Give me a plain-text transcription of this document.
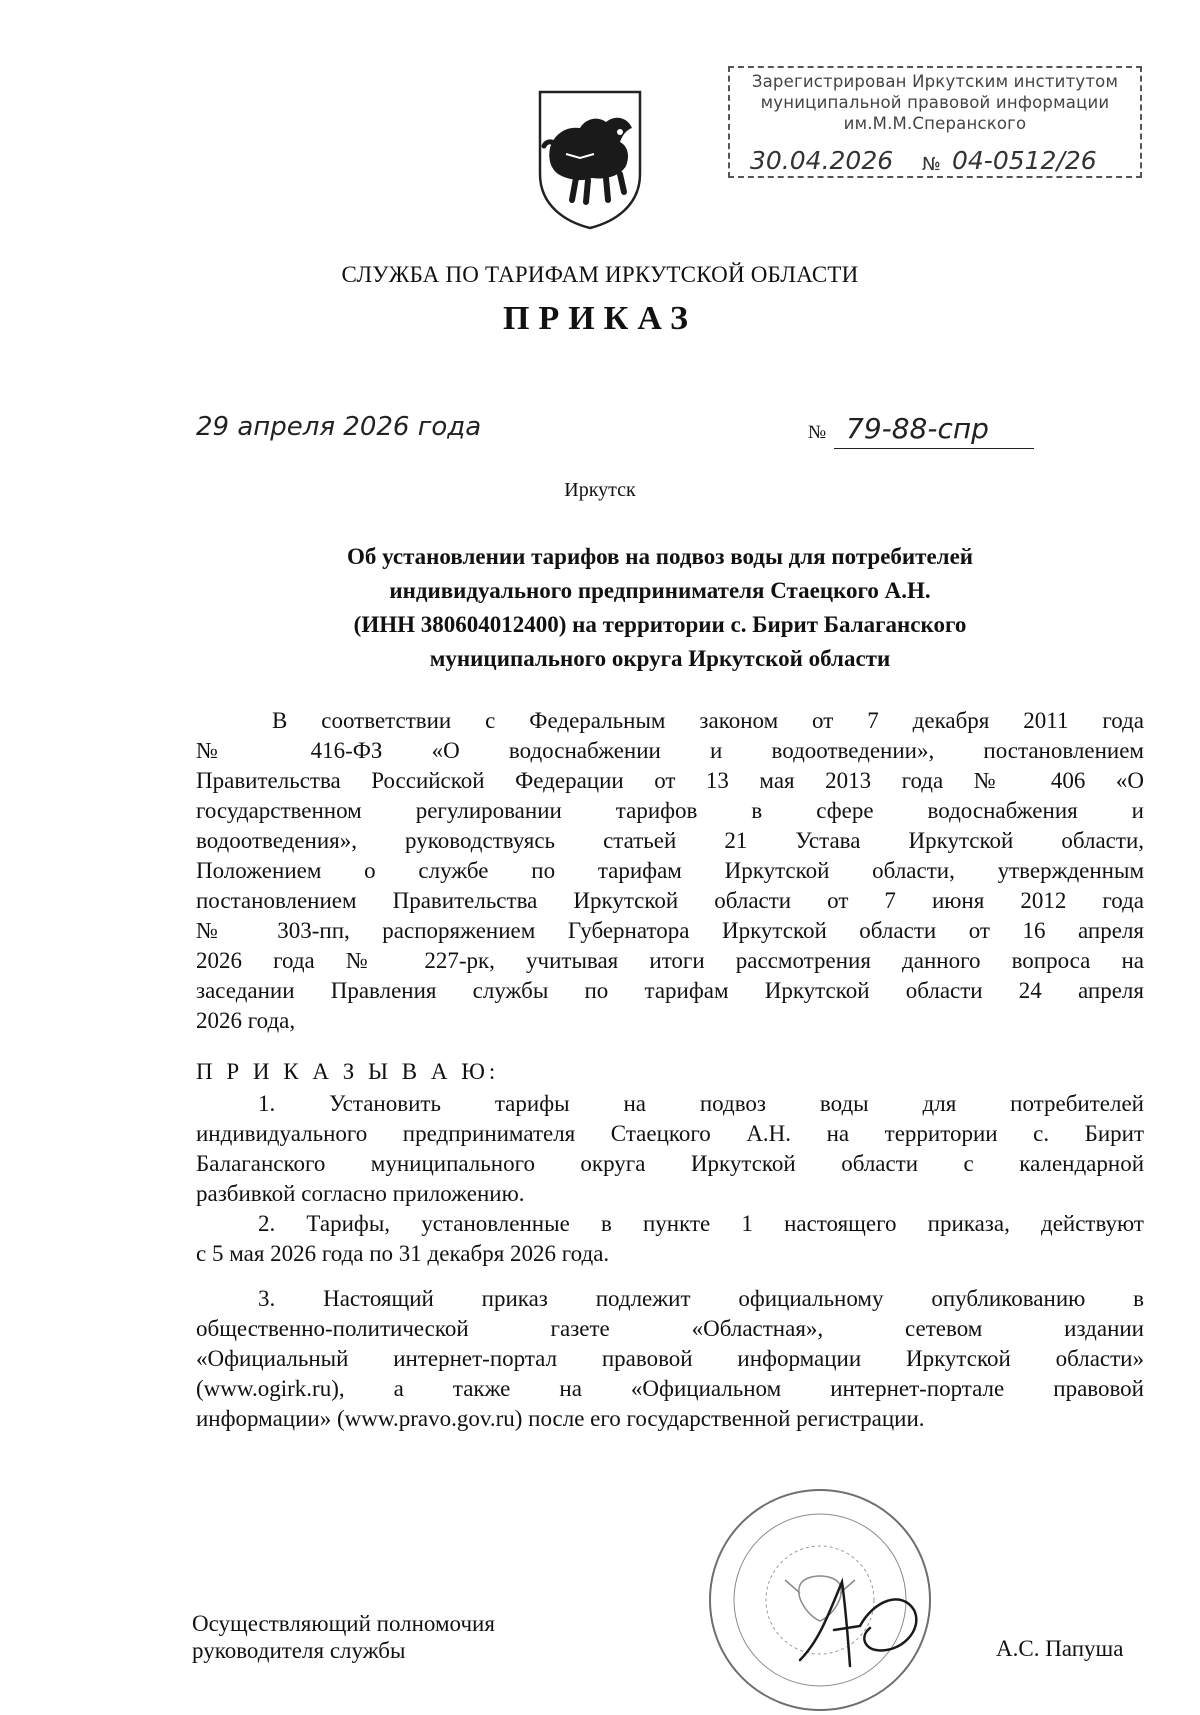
Зарегистрирован Иркутским институтом
муниципальной правовой информации
им.М.М.Сперанского
30.04.2026 № 04-0512/26
СЛУЖБА ПО ТАРИФАМ ИРКУТСКОЙ ОБЛАСТИ
ПРИКАЗ
29 апреля 2026 года	№ 79-88-спр
Иркутск
Об установлении тарифов на подвоз воды для потребителей
индивидуального предпринимателя Стаецкого А.Н.
(ИНН 380604012400) на территории с. Бирит Балаганского
муниципального округа Иркутской области
В соответствии с Федеральным законом от 7 декабря 2011 года
№ 416-ФЗ «О водоснабжении и водоотведении», постановлением
Правительства Российской Федерации от 13 мая 2013 года № 406 «О
государственном регулировании тарифов в сфере водоснабжения и
водоотведения», руководствуясь статьей 21 Устава Иркутской области,
Положением о службе по тарифам Иркутской области, утвержденным
постановлением Правительства Иркутской области от 7 июня 2012 года
№ 303-пп, распоряжением Губернатора Иркутской области от 16 апреля
2026 года № 227-рк, учитывая итоги рассмотрения данного вопроса на
заседании Правления службы по тарифам Иркутской области 24 апреля
2026 года,
П Р И К А З Ы В А Ю:
1. Установить тарифы на подвоз воды для потребителей
индивидуального предпринимателя Стаецкого А.Н. на территории с. Бирит
Балаганского муниципального округа Иркутской области с календарной
разбивкой согласно приложению.
2. Тарифы, установленные в пункте 1 настоящего приказа, действуют
с 5 мая 2026 года по 31 декабря 2026 года.
3. Настоящий приказ подлежит официальному опубликованию в
общественно-политической газете «Областная», сетевом издании
«Официальный интернет-портал правовой информации Иркутской области»
(www.ogirk.ru), а также на «Официальном интернет-портале правовой
информации» (www.pravo.gov.ru) после его государственной регистрации.
Осуществляющий полномочия
руководителя службы	А.С. Папуша
